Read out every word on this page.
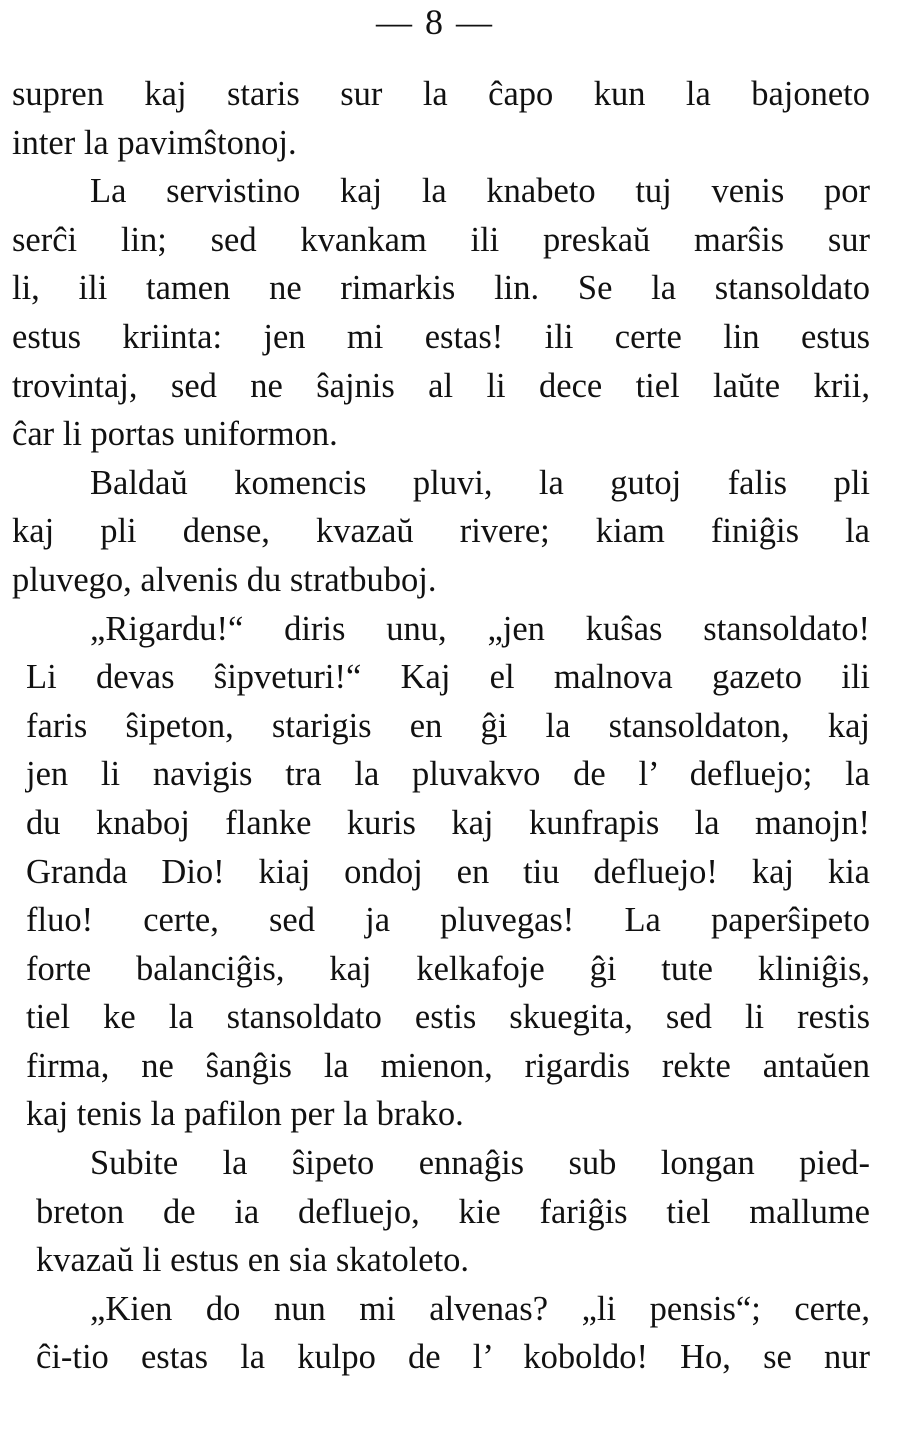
— 8 —
supren kaj staris sur la ĉapo kun la bajoneto
inter la pavimŝtonoj.
La servistino kaj la knabeto tuj venis por
serĉi lin; sed kvankam ili preskaŭ marŝis sur
li, ili tamen ne rimarkis lin. Se la stansoldato
estus kriinta: jen mi estas! ili certe lin estus
trovintaj, sed ne ŝajnis al li dece tiel laŭte krii,
ĉar li portas uniformon.
Baldaŭ komencis pluvi, la gutoj falis pli
kaj pli dense, kvazaŭ rivere; kiam finiĝis la
pluvego, alvenis du stratbuboj.
„Rigardu!“ diris unu, „jen kuŝas stansoldato!
Li devas ŝipveturi!“ Kaj el malnova gazeto ili
faris ŝipeton, starigis en ĝi la stansoldaton, kaj
jen li navigis tra la pluvakvo de l’ defluejo; la
du knaboj flanke kuris kaj kunfrapis la manojn!
Granda Dio! kiaj ondoj en tiu defluejo! kaj kia
fluo! certe, sed ja pluvegas! La paperŝipeto
forte balanciĝis, kaj kelkafoje ĝi tute kliniĝis,
tiel ke la stansoldato estis skuegita, sed li restis
firma, ne ŝanĝis la mienon, rigardis rekte antaŭen
kaj tenis la pafilon per la brako.
Subite la ŝipeto ennaĝis sub longan pied-
breton de ia defluejo, kie fariĝis tiel mallume
kvazaŭ li estus en sia skatoleto.
„Kien do nun mi alvenas? „li pensis“; certe,
ĉi-tio estas la kulpo de l’ koboldo! Ho, se nur
